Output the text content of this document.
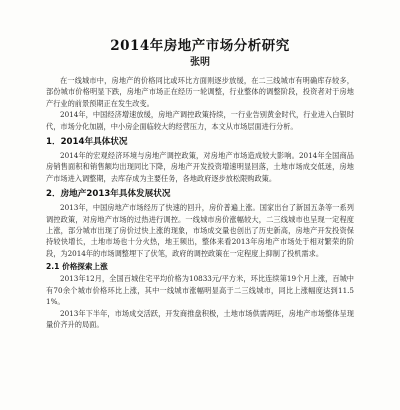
2014年房地产市场分析研究
张明

在一线城市中，房地产的价格同比或环比方面则逐步放缓，在二三线城市有明确库存较多，部份城市价格明显下跌，房地产市场正在经历一轮调整，行业整体的调整阶段，投资者对于房地产行业的前景预期正在发生改变。

2014年，中国经济增速放缓，房地产调控政策持续，一行业告别黄金时代，行业进入白银时代，市场分化加剧，中小房企面临较大的经营压力，本文从市场层面进行分析。

1．2014年具体状况

2014年的宏观经济环境与房地产调控政策，对房地产市场造成较大影响。2014年全国商品房销售面积和销售额均出现同比下降，房地产开发投资增速明显回落，土地市场成交低迷，房地产市场进入调整期，去库存成为主要任务，各地政府逐步放松限购政策。

2．房地产2013年具体发展状况

2013年，中国房地产市场经历了快速的回升，房价普遍上涨。国家出台了新国五条等一系列调控政策，对房地产市场的过热进行调控。一线城市房价涨幅较大，二三线城市也呈现一定程度上涨，部分城市出现了房价过快上涨的现象，市场成交量也创出了历史新高，房地产开发投资保持较快增长，土地市场也十分火热，地王频出，整体来看2013年房地产市场处于相对繁荣的阶段，为2014年的市场调整埋下了伏笔，政府的调控政策在一定程度上抑制了投机需求。

2.1 价格探索上涨

2013年12月，全国百城住宅平均价格为10833元/平方米，环比连续第19个月上涨，百城中有70余个城市价格环比上涨，其中一线城市涨幅明显高于二三线城市，同比上涨幅度达到11.51%。

2013年下半年，市场成交活跃，开发商推盘积极，土地市场供需两旺，房地产市场整体呈现量价齐升的局面。
